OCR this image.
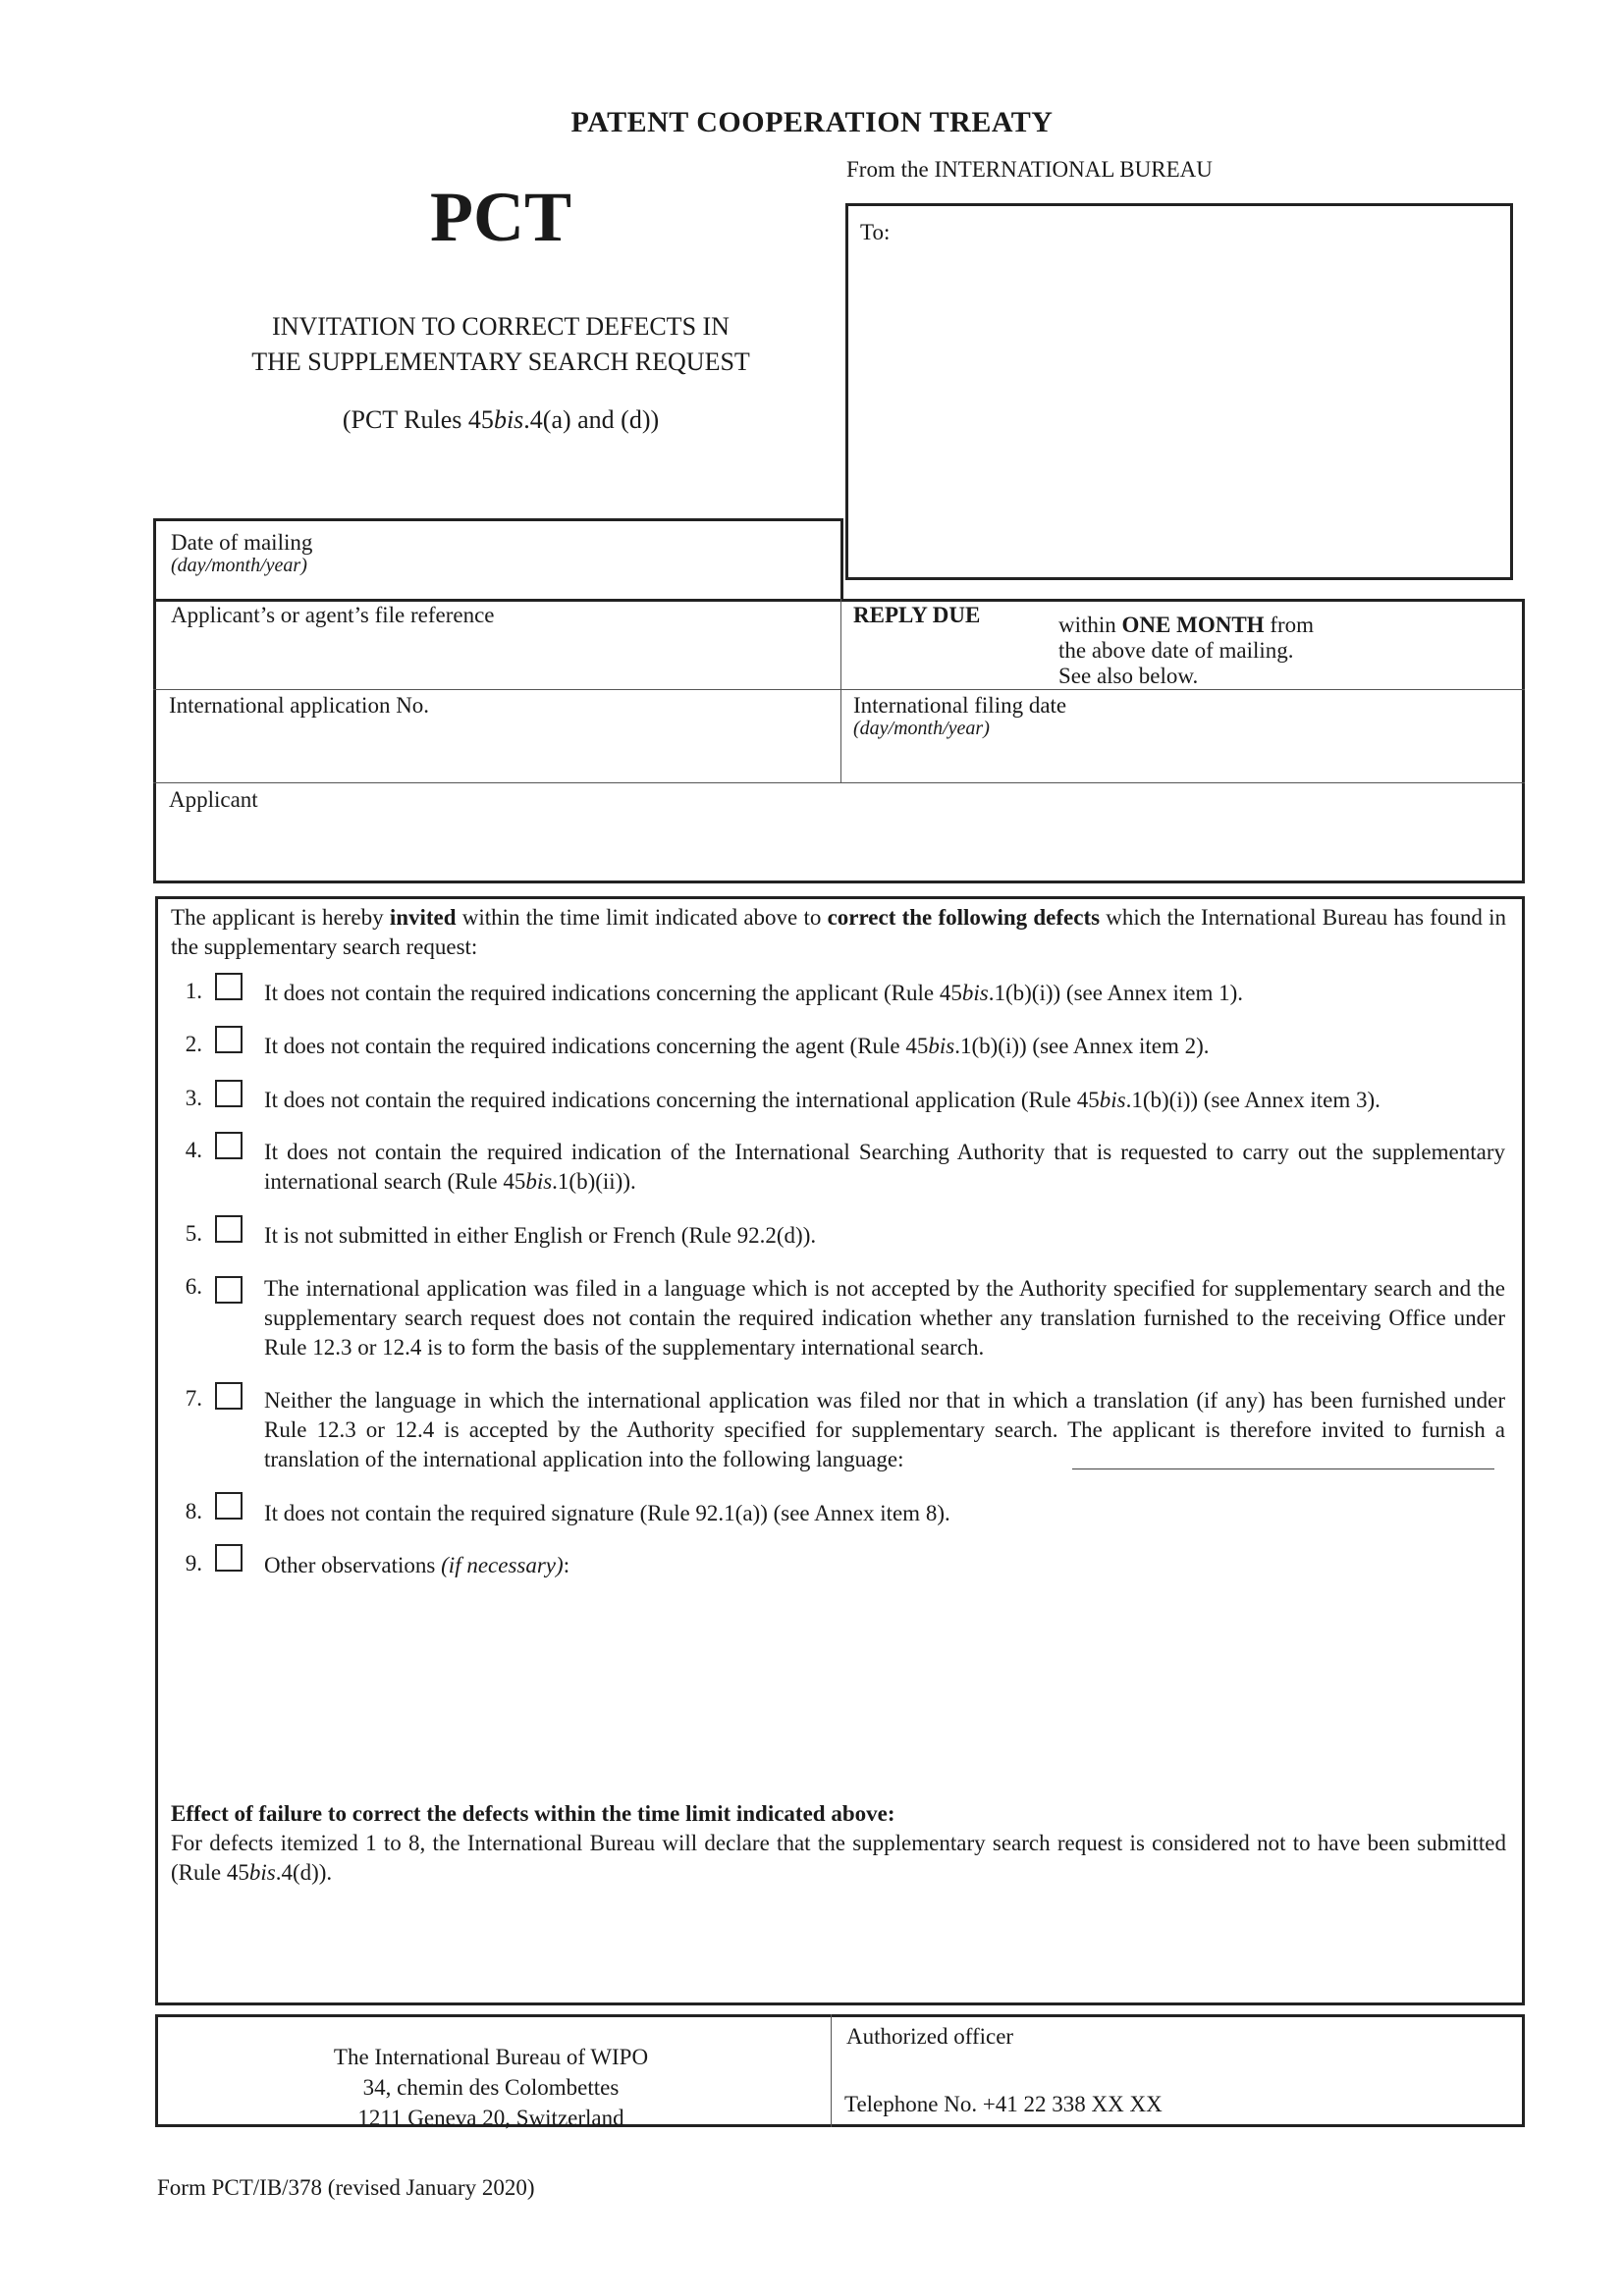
PATENT COOPERATION TREATY
From the INTERNATIONAL BUREAU
PCT
INVITATION TO CORRECT DEFECTS IN
THE SUPPLEMENTARY SEARCH REQUEST
(PCT Rules 45bis.4(a) and (d))
To:
Date of mailing
(day/month/year)
Applicant’s or agent’s file reference	REPLY DUE	within ONE MONTH from
the above date of mailing.
See also below.
International application No.	International filing date
(day/month/year)
Applicant
The applicant is hereby invited within the time limit indicated above to correct the following defects which the International Bureau has found in the supplementary search request:
1.	It does not contain the required indications concerning the applicant (Rule 45bis.1(b)(i)) (see Annex item 1).
2.	It does not contain the required indications concerning the agent (Rule 45bis.1(b)(i)) (see Annex item 2).
3.	It does not contain the required indications concerning the international application (Rule 45bis.1(b)(i)) (see Annex item 3).
4.	It does not contain the required indication of the International Searching Authority that is requested to carry out the supplementary international search (Rule 45bis.1(b)(ii)).
5.	It is not submitted in either English or French (Rule 92.2(d)).
6.	The international application was filed in a language which is not accepted by the Authority specified for supplementary search and the supplementary search request does not contain the required indication whether any translation furnished to the receiving Office under Rule 12.3 or 12.4 is to form the basis of the supplementary international search.
7.	Neither the language in which the international application was filed nor that in which a translation (if any) has been furnished under Rule 12.3 or 12.4 is accepted by the Authority specified for supplementary search. The applicant is therefore invited to furnish a translation of the international application into the following language:
8.	It does not contain the required signature (Rule 92.1(a)) (see Annex item 8).
9.	Other observations (if necessary):
Effect of failure to correct the defects within the time limit indicated above:
For defects itemized 1 to 8, the International Bureau will declare that the supplementary search request is considered not to have been submitted (Rule 45bis.4(d)).
The International Bureau of WIPO
34, chemin des Colombettes
1211 Geneva 20, Switzerland
Authorized officer
Telephone No. +41 22 338 XX XX
Form PCT/IB/378 (revised January 2020)
